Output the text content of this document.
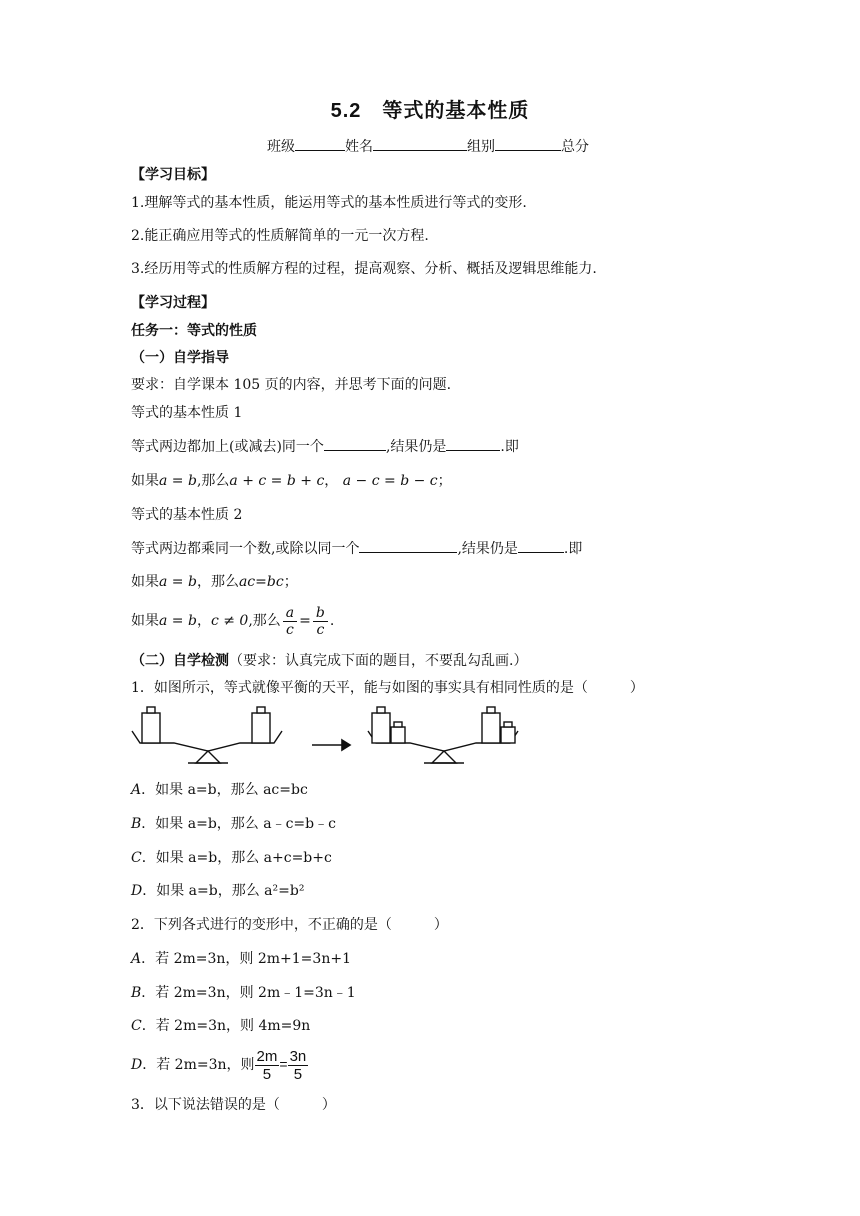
5.2　等式的基本性质
班级	姓名	组别	总分
【学习目标】
1.理解等式的基本性质，能运用等式的基本性质进行等式的变形.
2.能正确应用等式的性质解简单的一元一次方程.
3.经历用等式的性质解方程的过程，提高观察、分析、概括及逻辑思维能力.
【学习过程】
任务一：等式的性质
（一）自学指导
要求：自学课本 105 页的内容，并思考下面的问题.
等式的基本性质 1
等式两边都加上(或减去)同一个	,结果仍是	.即
如果a = b,那么a + c = b + c， a − c = b − c；
等式的基本性质 2
等式两边都乘同一个数,或除以同一个	,结果仍是	.即
如果a = b，那么ac=bc；
如果a = b，c ≠ 0,那么 $\frac{a}{c} = \frac{b}{c}$ .
（二）自学检测（要求：认真完成下面的题目，不要乱勾乱画.）
1．如图所示，等式就像平衡的天平，能与如图的事实具有相同性质的是（　　　）
A．如果 a=b，那么 ac=bc
B．如果 a=b，那么 a﹣c=b﹣c
C．如果 a=b，那么 a+c=b+c
D．如果 a=b，那么 a²=b²
2．下列各式进行的变形中，不正确的是（　　　）
A．若 2m=3n，则 2m+1=3n+1
B．若 2m=3n，则 2m﹣1=3n﹣1
C．若 2m=3n，则 4m=9n
D．若 2m=3n，则 $\frac{2m}{5} = \frac{3n}{5}$
3．以下说法错误的是（　　　）
